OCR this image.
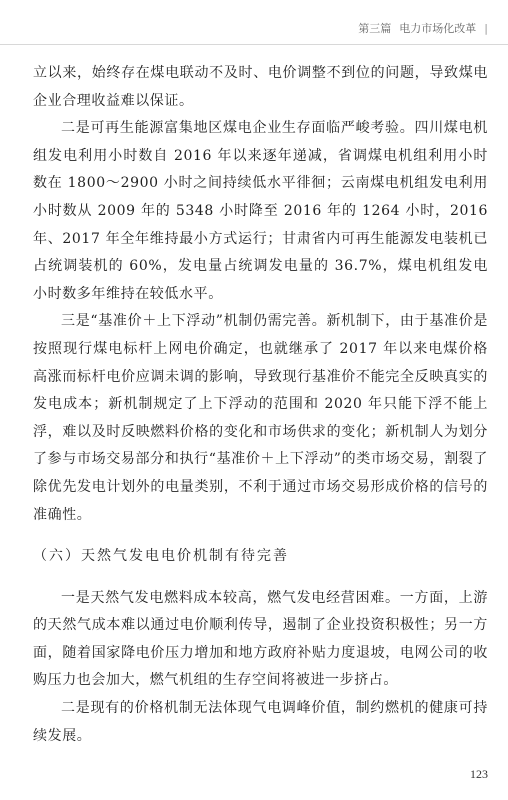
第三篇 电力市场化改革 |

立以来，始终存在煤电联动不及时、电价调整不到位的问题，导致煤电企业合理收益难以保证。

二是可再生能源富集地区煤电企业生存面临严峻考验。四川煤电机组发电利用小时数自 2016 年以来逐年递减，省调煤电机组利用小时数在 1800～2900 小时之间持续低水平徘徊；云南煤电机组发电利用小时数从 2009 年的 5348 小时降至 2016 年的 1264 小时，2016 年、2017 年全年维持最小方式运行；甘肃省内可再生能源发电装机已占统调装机的 60%，发电量占统调发电量的 36.7%，煤电机组发电小时数多年维持在较低水平。

三是“基准价＋上下浮动”机制仍需完善。新机制下，由于基准价是按照现行煤电标杆上网电价确定，也就继承了 2017 年以来电煤价格高涨而标杆电价应调未调的影响，导致现行基准价不能完全反映真实的发电成本；新机制规定了上下浮动的范围和 2020 年只能下浮不能上浮，难以及时反映燃料价格的变化和市场供求的变化；新机制人为划分了参与市场交易部分和执行“基准价＋上下浮动”的类市场交易，割裂了除优先发电计划外的电量类别，不利于通过市场交易形成价格的信号的准确性。

（六）天然气发电电价机制有待完善

一是天然气发电燃料成本较高，燃气发电经营困难。一方面，上游的天然气成本难以通过电价顺利传导，遏制了企业投资积极性；另一方面，随着国家降电价压力增加和地方政府补贴力度退坡，电网公司的收购压力也会加大，燃气机组的生存空间将被进一步挤占。

二是现有的价格机制无法体现气电调峰价值，制约燃机的健康可持续发展。

123
